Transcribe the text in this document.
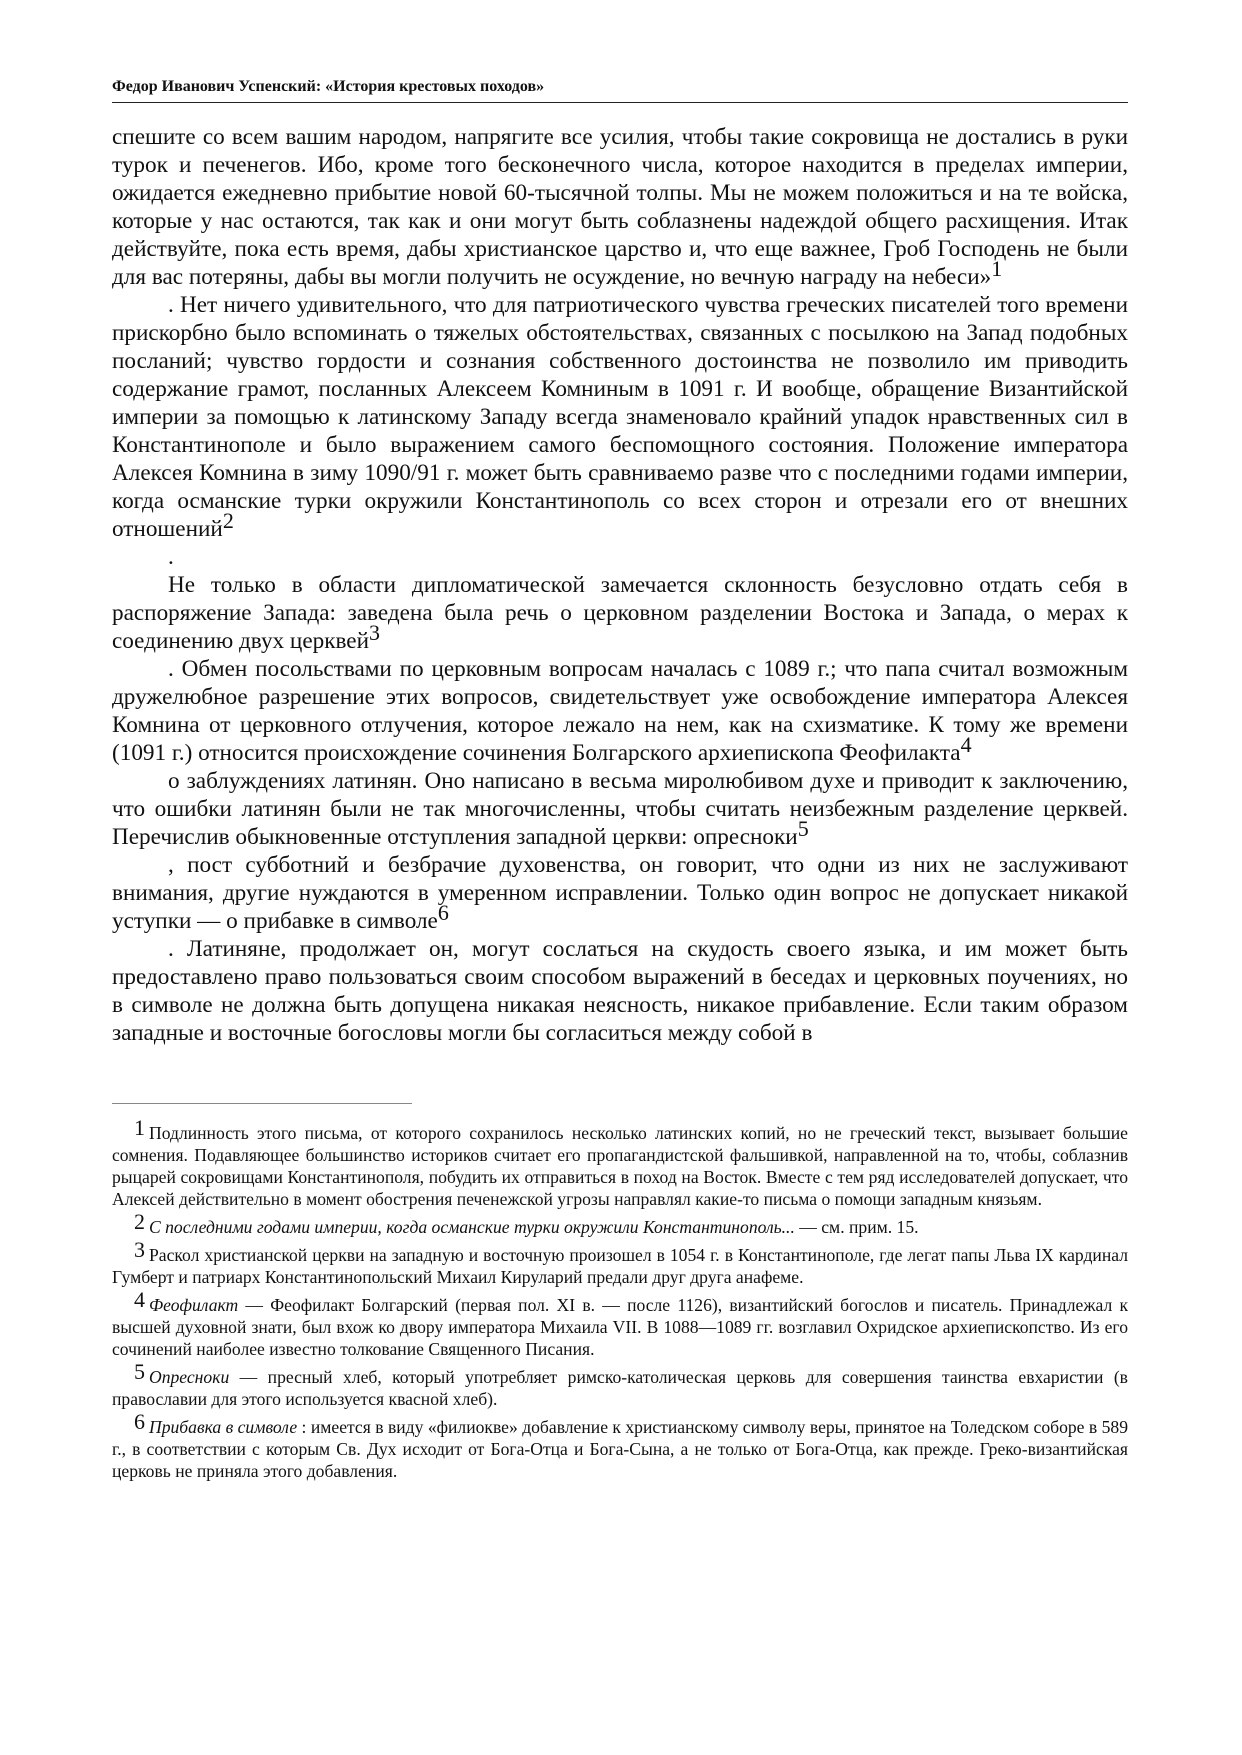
Федор Иванович Успенский: «История крестовых походов»

спешите со всем вашим народом, напрягите все усилия, чтобы такие сокровища не достались в руки турок и печенегов. Ибо, кроме того бесконечного числа, которое находится в пределах империи, ожидается ежедневно прибытие новой 60-тысячной толпы. Мы не можем положиться и на те войска, которые у нас остаются, так как и они могут быть соблазнены надеждой общего расхищения. Итак действуйте, пока есть время, дабы христианское царство и, что еще важнее, Гроб Господень не были для вас потеряны, дабы вы могли получить не осуждение, но вечную награду на небеси»$^1$

. Нет ничего удивительного, что для патриотического чувства греческих писателей того времени прискорбно было вспоминать о тяжелых обстоятельствах, связанных с посылкою на Запад подобных посланий; чувство гордости и сознания собственного достоинства не позволило им приводить содержание грамот, посланных Алексеем Комниным в 1091 г. И вообще, обращение Византийской империи за помощью к латинскому Западу всегда знаменовало крайний упадок нравственных сил в Константинополе и было выражением самого беспомощного состояния. Положение императора Алексея Комнина в зиму 1090/91 г. может быть сравниваемо разве что с последними годами империи, когда османские турки окружили Константинополь со всех сторон и отрезали его от внешних отношений$^2$

.

Не только в области дипломатической замечается склонность безусловно отдать себя в распоряжение Запада: заведена была речь о церковном разделении Востока и Запада, о мерах к соединению двух церквей$^3$

. Обмен посольствами по церковным вопросам началась с 1089 г.; что папа считал возможным дружелюбное разрешение этих вопросов, свидетельствует уже освобождение императора Алексея Комнина от церковного отлучения, которое лежало на нем, как на схизматике. К тому же времени (1091 г.) относится происхождение сочинения Болгарского архиепископа Феофилакта$^4$

о заблуждениях латинян. Оно написано в весьма миролюбивом духе и приводит к заключению, что ошибки латинян были не так многочисленны, чтобы считать неизбежным разделение церквей. Перечислив обыкновенные отступления западной церкви: опресноки$^5$

, пост субботний и безбрачие духовенства, он говорит, что одни из них не заслуживают внимания, другие нуждаются в умеренном исправлении. Только один вопрос не допускает никакой уступки — о прибавке в символе$^6$

. Латиняне, продолжает он, могут сослаться на скудость своего языка, и им может быть предоставлено право пользоваться своим способом выражений в беседах и церковных поучениях, но в символе не должна быть допущена никакая неясность, никакое прибавление. Если таким образом западные и восточные богословы могли бы согласиться между собой в

1 Подлинность этого письма, от которого сохранилось несколько латинских копий, но не греческий текст, вызывает большие сомнения. Подавляющее большинство историков считает его пропагандистской фальшивкой, направленной на то, чтобы, соблазнив рыцарей сокровищами Константинополя, побудить их отправиться в поход на Восток. Вместе с тем ряд исследователей допускает, что Алексей действительно в момент обострения печенежской угрозы направлял какие-то письма о помощи западным князьям.

2 С последними годами империи, когда османские турки окружили Константинополь... — см. прим. 15.

3 Раскол христианской церкви на западную и восточную произошел в 1054 г. в Константинополе, где легат папы Льва IX кардинал Гумберт и патриарх Константинопольский Михаил Кируларий предали друг друга анафеме.

4 Феофилакт — Феофилакт Болгарский (первая пол. XI в. — после 1126), византийский богослов и писатель. Принадлежал к высшей духовной знати, был вхож ко двору императора Михаила VII. В 1088—1089 гг. возглавил Охридское архиепископство. Из его сочинений наиболее известно толкование Священного Писания.

5 Опресноки — пресный хлеб, который употребляет римско-католическая церковь для совершения таинства евхаристии (в православии для этого используется квасной хлеб).

6 Прибавка в символе : имеется в виду «филиокве» добавление к христианскому символу веры, принятое на Толедском соборе в 589 г., в соответствии с которым Св. Дух исходит от Бога-Отца и Бога-Сына, а не только от Бога-Отца, как прежде. Греко-византийская церковь не приняла этого добавления.
